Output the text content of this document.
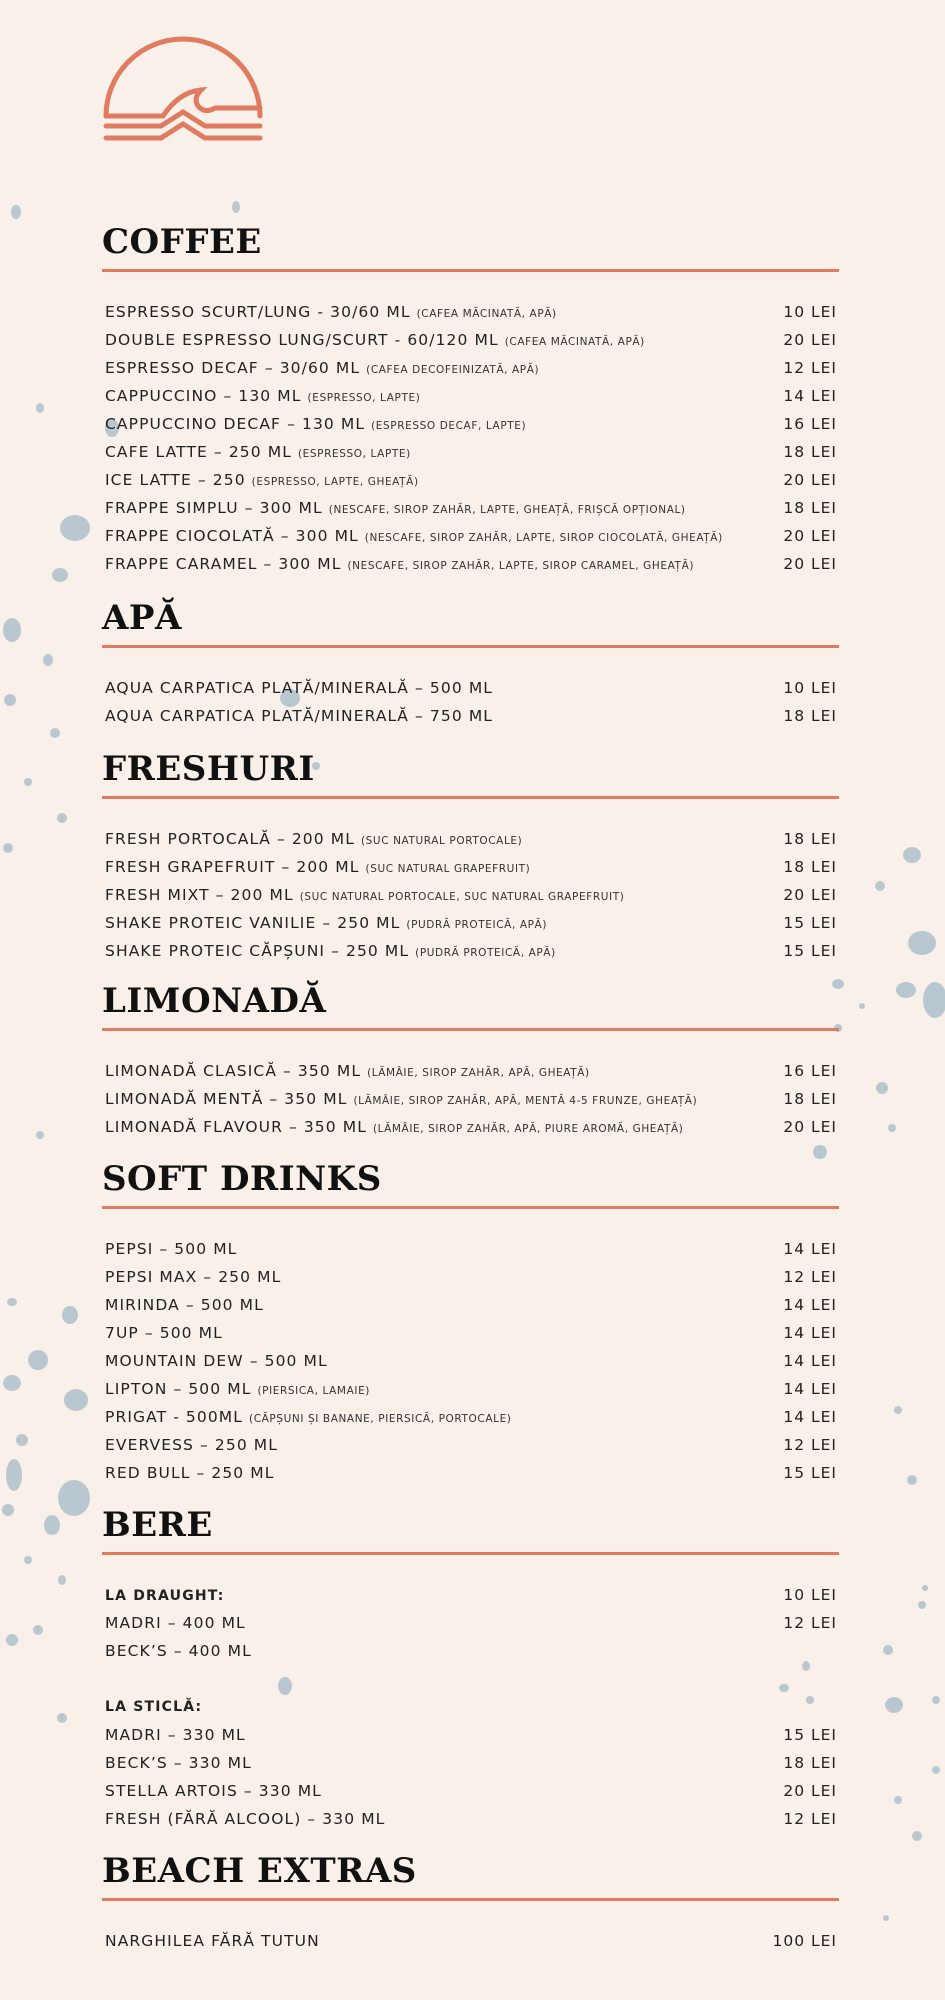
COFFEE
ESPRESSO SCURT/LUNG - 30/60 ML (CAFEA MĂCINATĂ, APĂ)	10 LEI
DOUBLE ESPRESSO LUNG/SCURT - 60/120 ML (CAFEA MĂCINATĂ, APĂ)	20 LEI
ESPRESSO DECAF – 30/60 ML (CAFEA DECOFEINIZATĂ, APĂ)	12 LEI
CAPPUCCINO – 130 ML (ESPRESSO, LAPTE)	14 LEI
CAPPUCCINO DECAF – 130 ML (ESPRESSO DECAF, LAPTE)	16 LEI
CAFE LATTE – 250 ML (ESPRESSO, LAPTE)	18 LEI
ICE LATTE – 250 (ESPRESSO, LAPTE, GHEAȚĂ)	20 LEI
FRAPPE SIMPLU – 300 ML (NESCAFE, SIROP ZAHĂR, LAPTE, GHEAȚĂ, FRIȘCĂ OPȚIONAL)	18 LEI
FRAPPE CIOCOLATĂ – 300 ML (NESCAFE, SIROP ZAHĂR, LAPTE, SIROP CIOCOLATĂ, GHEAȚĂ)	20 LEI
FRAPPE CARAMEL – 300 ML (NESCAFE, SIROP ZAHĂR, LAPTE, SIROP CARAMEL, GHEAȚĂ)	20 LEI
APĂ
AQUA CARPATICA PLATĂ/MINERALĂ – 500 ML	10 LEI
AQUA CARPATICA PLATĂ/MINERALĂ – 750 ML	18 LEI
FRESHURI
FRESH PORTOCALĂ – 200 ML (SUC NATURAL PORTOCALE)	18 LEI
FRESH GRAPEFRUIT – 200 ML (SUC NATURAL GRAPEFRUIT)	18 LEI
FRESH MIXT – 200 ML (SUC NATURAL PORTOCALE, SUC NATURAL GRAPEFRUIT)	20 LEI
SHAKE PROTEIC VANILIE – 250 ML (PUDRĂ PROTEICĂ, APĂ)	15 LEI
SHAKE PROTEIC CĂPȘUNI – 250 ML (PUDRĂ PROTEICĂ, APĂ)	15 LEI
LIMONADĂ
LIMONADĂ CLASICĂ – 350 ML (LĂMÂIE, SIROP ZAHĂR, APĂ, GHEAȚĂ)	16 LEI
LIMONADĂ MENTĂ – 350 ML (LĂMÂIE, SIROP ZAHĂR, APĂ, MENTĂ 4-5 FRUNZE, GHEAȚĂ)	18 LEI
LIMONADĂ FLAVOUR – 350 ML (LĂMÂIE, SIROP ZAHĂR, APĂ, PIURE AROMĂ, GHEAȚĂ)	20 LEI
SOFT DRINKS
PEPSI – 500 ML	14 LEI
PEPSI MAX – 250 ML	12 LEI
MIRINDA – 500 ML	14 LEI
7UP – 500 ML	14 LEI
MOUNTAIN DEW – 500 ML	14 LEI
LIPTON – 500 ML (PIERSICA, LAMAIE)	14 LEI
PRIGAT - 500ML (CĂPȘUNI ȘI BANANE, PIERSICĂ, PORTOCALE)	14 LEI
EVERVESS – 250 ML	12 LEI
RED BULL – 250 ML	15 LEI
BERE
LA DRAUGHT:	10 LEI
MADRI – 400 ML	12 LEI
BECK’S – 400 ML
LA STICLĂ:
MADRI – 330 ML	15 LEI
BECK’S – 330 ML	18 LEI
STELLA ARTOIS – 330 ML	20 LEI
FRESH (FĂRĂ ALCOOL) – 330 ML	12 LEI
BEACH EXTRAS
NARGHILEA FĂRĂ TUTUN	100 LEI
